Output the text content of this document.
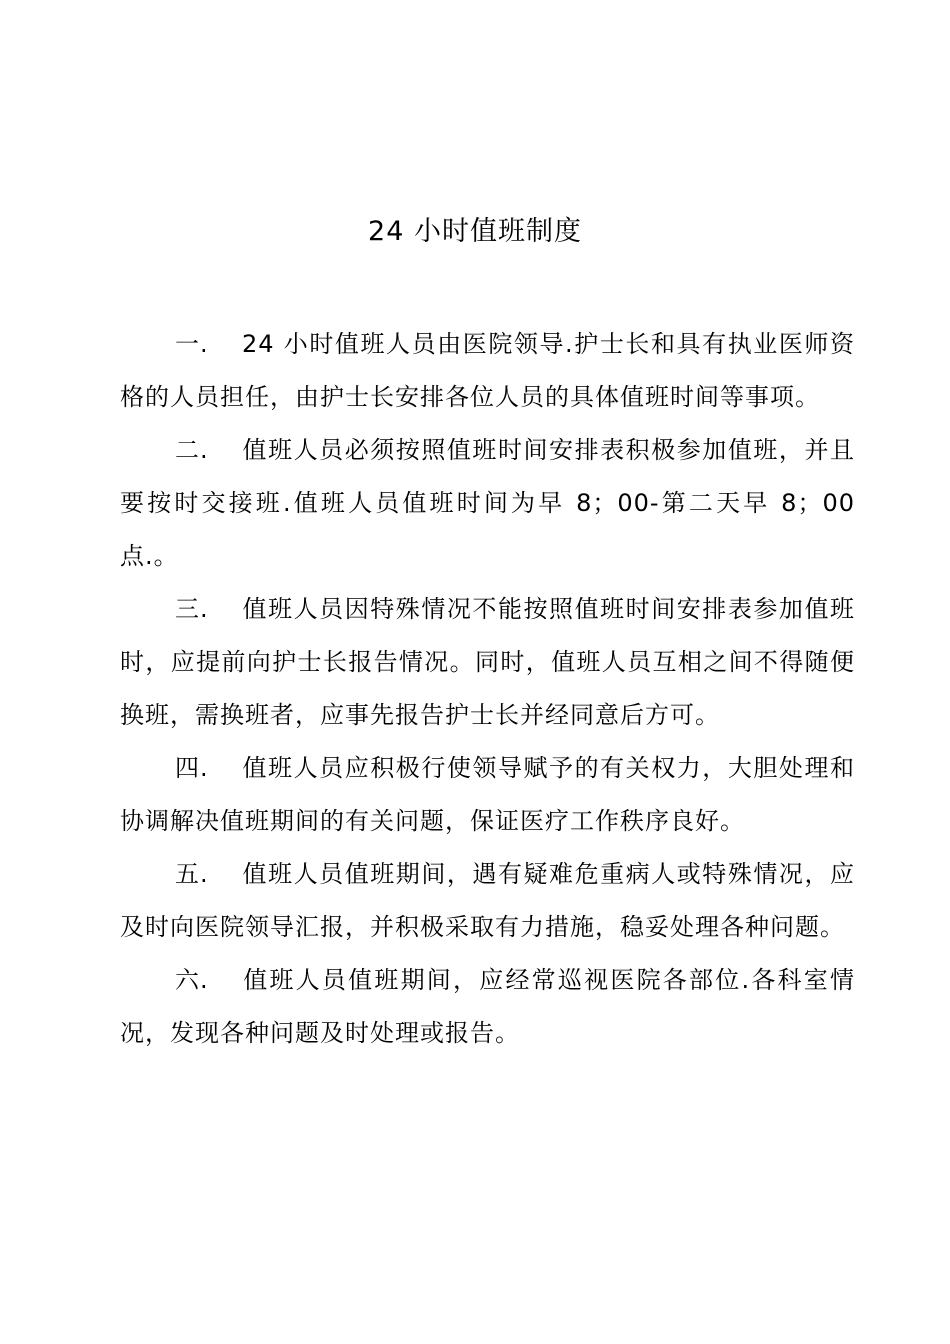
24 小时值班制度

一. 24 小时值班人员由医院领导.护士长和具有执业医师资格的人员担任，由护士长安排各位人员的具体值班时间等事项。

二. 值班人员必须按照值班时间安排表积极参加值班，并且要按时交接班.值班人员值班时间为早 8；00-第二天早 8；00 点.。

三. 值班人员因特殊情况不能按照值班时间安排表参加值班时，应提前向护士长报告情况。同时，值班人员互相之间不得随便换班，需换班者，应事先报告护士长并经同意后方可。

四. 值班人员应积极行使领导赋予的有关权力，大胆处理和协调解决值班期间的有关问题，保证医疗工作秩序良好。

五. 值班人员值班期间，遇有疑难危重病人或特殊情况，应及时向医院领导汇报，并积极采取有力措施，稳妥处理各种问题。

六. 值班人员值班期间，应经常巡视医院各部位.各科室情况，发现各种问题及时处理或报告。
